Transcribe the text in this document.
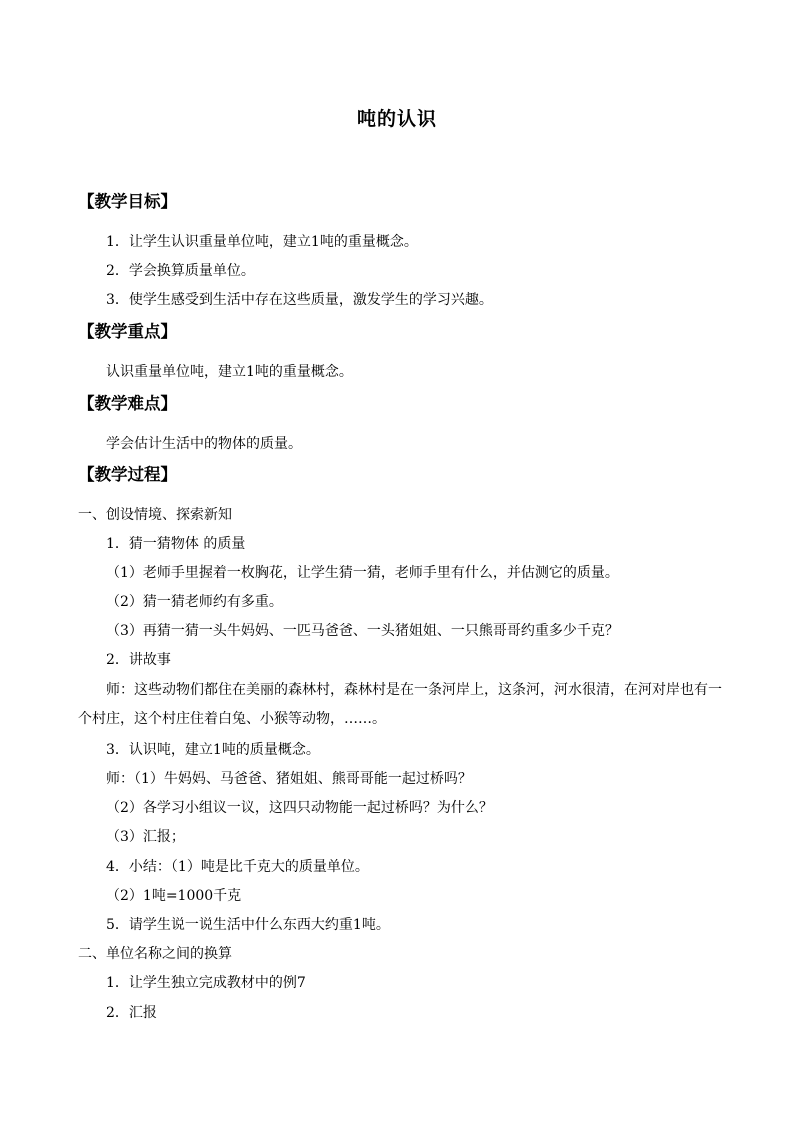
吨的认识
【教学目标】
1．让学生认识重量单位吨，建立1吨的重量概念。
2．学会换算质量单位。
3．使学生感受到生活中存在这些质量，激发学生的学习兴趣。
【教学重点】
认识重量单位吨，建立1吨的重量概念。
【教学难点】
学会估计生活中的物体的质量。
【教学过程】
一、创设情境、探索新知
1．猜一猜物体 的质量
（1）老师手里握着一枚胸花，让学生猜一猜，老师手里有什么，并估测它的质量。
（2）猜一猜老师约有多重。
（3）再猜一猜一头牛妈妈、一匹马爸爸、一头猪姐姐、一只熊哥哥约重多少千克？
2．讲故事
师：这些动物们都住在美丽的森林村，森林村是在一条河岸上，这条河，河水很清，在河对岸也有一个村庄，这个村庄住着白兔、小猴等动物，……。
3．认识吨，建立1吨的质量概念。
师：（1）牛妈妈、马爸爸、猪姐姐、熊哥哥能一起过桥吗？
（2）各学习小组议一议，这四只动物能一起过桥吗？为什么？
（3）汇报；
4．小结：（1）吨是比千克大的质量单位。
（2）1吨=1000千克
5．请学生说一说生活中什么东西大约重1吨。
二、单位名称之间的换算
1．让学生独立完成教材中的例7
2．汇报
